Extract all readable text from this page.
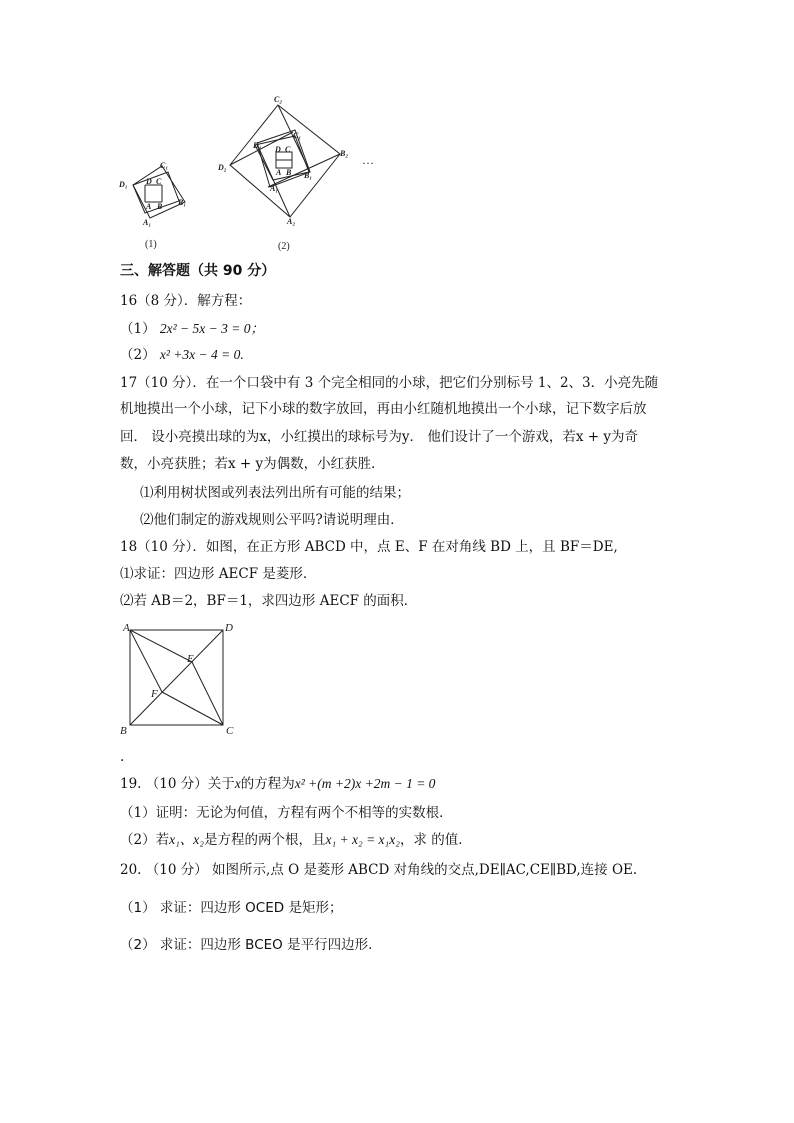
C₁
D₁ D C
A B B₁
A₁
(1)
C₂
C₁
D₁ D C	B₂
D₂
A B B₁
A₁
A₂
(2)
…
三、解答题（共 90 分）
16（8 分）．解方程：
（1） 2x² − 5x − 3 = 0；
（2） x² +3x − 4 = 0.
17（10 分）．在一个口袋中有 3 个完全相同的小球，把它们分别标号 1、2、3．小亮先随
机地摸出一个小球，记下小球的数字放回，再由小红随机地摸出一个小球，记下数字后放
回． 设小亮摸出球的为x，小红摸出的球标号为y． 他们设计了一个游戏，若x + y为奇
数，小亮获胜；若x + y为偶数，小红获胜．
⑴利用树状图或列表法列出所有可能的结果；
⑵他们制定的游戏规则公平吗?请说明理由．
18（10 分）．如图，在正方形 ABCD 中，点 E、F 在对角线 BD 上，且 BF＝DE,
⑴求证：四边形 AECF 是菱形．
⑵若 AB＝2，BF＝1，求四边形 AECF 的面积．
A	D
E
F
B	C
.
19. （10 分）关于x的方程为x² +(m +2)x +2m − 1 = 0
（1）证明：无论为何值，方程有两个不相等的实数根．
（2）若x₁、x₂是方程的两个根，且x₁ + x₂ = x₁x₂，求 的值．
20. （10 分） 如图所示,点 O 是菱形 ABCD 对角线的交点,DE∥AC,CE∥BD,连接 OE.
（1） 求证：四边形 OCED 是矩形；
（2） 求证：四边形 BCEO 是平行四边形.
